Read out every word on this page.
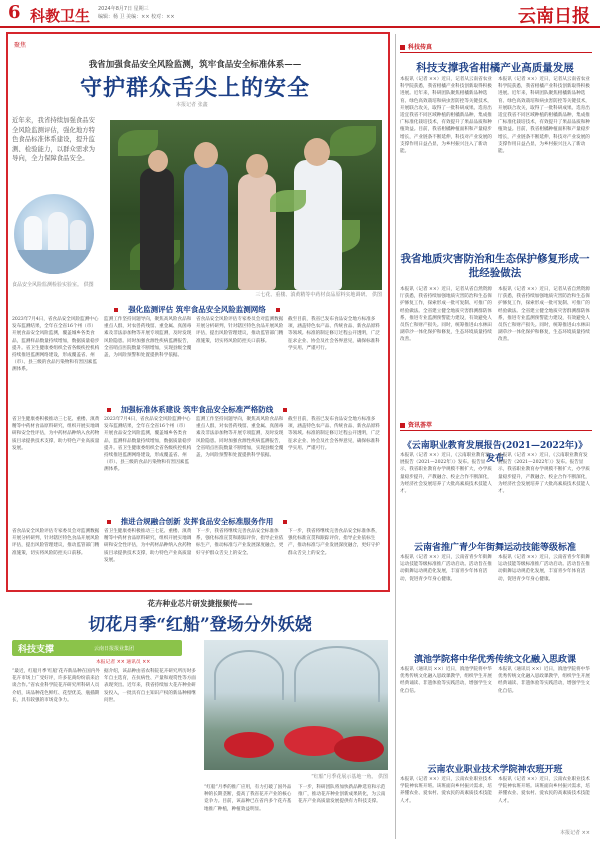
6 科教卫生 2024年8月7日 星期三
编辑：杨 卫 美编：×× 校对：××	云南日报
聚焦
我省加强食品安全风险监测，筑牢食品安全标准体系——
守护群众舌尖上的安全
本报记者 张鑫
近年来，我省持续加强食品安全风险监测评估，强化地方特色食品标准体系建设，提升监测、检验能力，以群众需求为导向，全力保障食品安全。
食品安全风险监测检验实验室。 供图
三七花、重楼、滇黄精等中药材食品原料实地调研。 供图
强化监测评估 筑牢食品安全风险监测网络
2023年7月4日，省食品安全风险监测中心发布监测结果，全年在全省16个州（市）开展食品安全风险监测，覆盖城乡各类食品，监测样品数量持续增加，数据质量稳步提升。省卫生健康委组织全省各级疾控机构持续推进监测网络建设，形成覆盖省、州（市）、县三级的食品污染物和有害因素监测体系。
监测工作坚持问题导向，聚焦高风险食品和重点人群，对农兽药残留、重金属、真菌毒素及非法添加物等开展专项监测，及时发现风险隐患。同时加强食源性疾病监测报告，全省哨点医院数量不断增加，实现县级全覆盖，为风险预警和处置提供科学依据。
省食品安全风险评估专家委员会对监测数据开展分析研判，针对辖区特色食品开展风险评估，提出风险管理建议，推动监管部门精准施策，切实将风险防控关口前移。
截至目前，我省已发布食品安全地方标准多项，涵盖特色农产品、传统食品、新食品原料等领域。标准的制定修订过程公开透明，广泛征求企业、协会及社会各界意见，确保标准科学实用、严谨可行。
加强标准体系建设 筑牢食品安全标准严格防线
省卫生健康委积极推动三七花、重楼、滇黄精等中药材食品原料研究，组织开展实地调研和安全性评估，为中药材品种纳入食药物质目录提供技术支撑，助力特色产业高质量发展。
2023年7月4日，省食品安全风险监测中心发布监测结果，全年在全省16个州（市）开展食品安全风险监测，覆盖城乡各类食品，监测样品数量持续增加，数据质量稳步提升。省卫生健康委组织全省各级疾控机构持续推进监测网络建设，形成覆盖省、州（市）、县三级的食品污染物和有害因素监测体系。
监测工作坚持问题导向，聚焦高风险食品和重点人群，对农兽药残留、重金属、真菌毒素及非法添加物等开展专项监测，及时发现风险隐患。同时加强食源性疾病监测报告，全省哨点医院数量不断增加，实现县级全覆盖，为风险预警和处置提供科学依据。
截至目前，我省已发布食品安全地方标准多项，涵盖特色农产品、传统食品、新食品原料等领域。标准的制定修订过程公开透明，广泛征求企业、协会及社会各界意见，确保标准科学实用、严谨可行。
推进合规融合创新 发挥食品安全标准服务作用
省食品安全风险评估专家委员会对监测数据开展分析研判，针对辖区特色食品开展风险评估，提出风险管理建议，推动监管部门精准施策，切实将风险防控关口前移。
省卫生健康委积极推动三七花、重楼、滇黄精等中药材食品原料研究，组织开展实地调研和安全性评估，为中药材品种纳入食药物质目录提供技术支撑，助力特色产业高质量发展。
下一步，我省将继续完善食品安全标准体系，强化标准宣贯和跟踪评价，指导企业依标生产，推动标准与产业发展深度融合，更好守护群众舌尖上的安全。
下一步，我省将继续完善食品安全标准体系，强化标准宣贯和跟踪评价，指导企业依标生产，推动标准与产业发展深度融合，更好守护群众舌尖上的安全。
花卉种业芯片研发捷报频传——
切花月季“红船”登场分外妖娆
科技支撑	云南日报报业集团
本报记者 ×× 通讯员 ××
“最近，红船月季‘红船’花卉新品种在国内外花卉市场上广受好评，许多花商纷纷前来洽谈合作。”省农业科学院花卉研究所科研人员介绍，该品种花色鲜红、花型优美、瓶插期长，具有较强的市场竞争力。
据介绍，该品种由省农科院花卉研究所历时多年自主选育，在抗病性、产量和观赏性等方面表现突出。近年来，我省持续加大花卉种业研发投入，一批具有自主知识产权的新品种相继问世。
“红船”月季花展示基地一角。 供图
“红船”月季的推广应用，有力打破了国外品种的长期垄断，提高了我省花卉产业的核心竞争力。目前，该品种已在省内多个花卉基地推广种植，种植效益明显。
下一步，科研团队将加快新品种选育和示范推广，推动花卉种业创新成果转化，为云南花卉产业高质量发展提供有力科技支撑。
科技传真
科技支撑我省柑橘产业高质量发展
本报讯（记者 ××）近日，记者从云南省农业科学院获悉，我省柑橘产业科技创新取得积极进展。近年来，科研团队聚焦柑橘新品种选育、绿色高效栽培和病虫害防控等关键技术，开展联合攻关，取得了一批科研成果。选育出适宜我省不同区域种植的柑橘新品种，集成推广标准化栽培技术，有效提升了果品品质和种植效益。目前，我省柑橘种植面积和产量稳步增长，产业链条不断延伸，科技对产业发展的支撑作用日益凸显，为乡村振兴注入了新动能。
本报讯（记者 ××）近日，记者从云南省农业科学院获悉，我省柑橘产业科技创新取得积极进展。近年来，科研团队聚焦柑橘新品种选育、绿色高效栽培和病虫害防控等关键技术，开展联合攻关，取得了一批科研成果。选育出适宜我省不同区域种植的柑橘新品种，集成推广标准化栽培技术，有效提升了果品品质和种植效益。目前，我省柑橘种植面积和产量稳步增长，产业链条不断延伸，科技对产业发展的支撑作用日益凸显，为乡村振兴注入了新动能。
我省地质灾害防治和生态保护修复形成一批经验做法
本报讯（记者 ××）近日，记者从省自然资源厅获悉，我省持续加强地质灾害防治和生态保护修复工作，探索形成一批可复制、可推广的经验做法。全省建立健全地质灾害群测群防体系，推进专业监测预警能力建设，有效避免人员伤亡和财产损失。同时，统筹推进山水林田湖草沙一体化保护和修复，生态环境质量持续改善。
本报讯（记者 ××）近日，记者从省自然资源厅获悉，我省持续加强地质灾害防治和生态保护修复工作，探索形成一批可复制、可推广的经验做法。全省建立健全地质灾害群测群防体系，推进专业监测预警能力建设，有效避免人员伤亡和财产损失。同时，统筹推进山水林田湖草沙一体化保护和修复，生态环境质量持续改善。
资讯荟萃
《云南职业教育发展报告(2021—2022年)》发布
本报讯（记者 ××）近日，《云南职业教育发展报告（2021—2022年）》发布。报告显示，我省职业教育办学规模不断扩大，办学质量稳步提升，产教融合、校企合作不断深化，为经济社会发展培养了大批高素质技术技能人才。
本报讯（记者 ××）近日，《云南职业教育发展报告（2021—2022年）》发布。报告显示，我省职业教育办学规模不断扩大，办学质量稳步提升，产教融合、校企合作不断深化，为经济社会发展培养了大批高素质技术技能人才。
云南省推广青少年街舞运动技能等级标准
本报讯（记者 ××）近日，云南省青少年街舞运动技能等级标准推广活动启动。活动旨在推动街舞运动规范化发展，丰富青少年体育活动，促进青少年身心健康。
本报讯（记者 ××）近日，云南省青少年街舞运动技能等级标准推广活动启动。活动旨在推动街舞运动规范化发展，丰富青少年体育活动，促进青少年身心健康。
滇池学院将中华优秀传统文化融入思政课
本报讯（通讯员 ××）近日，滇池学院将中华优秀传统文化融入思政课教学，组织学生开展经典诵读、非遗体验等实践活动，增强学生文化自信。
本报讯（通讯员 ××）近日，滇池学院将中华优秀传统文化融入思政课教学，组织学生开展经典诵读、非遗体验等实践活动，增强学生文化自信。
云南农业职业技术学院神农班开班
本报讯（记者 ××）近日，云南农业职业技术学院神农班开班。该班面向乡村振兴需求，培养懂农业、爱农村、爱农民的高素质技术技能人才。
本报讯（记者 ××）近日，云南农业职业技术学院神农班开班。该班面向乡村振兴需求，培养懂农业、爱农村、爱农民的高素质技术技能人才。
本报记者 ××
